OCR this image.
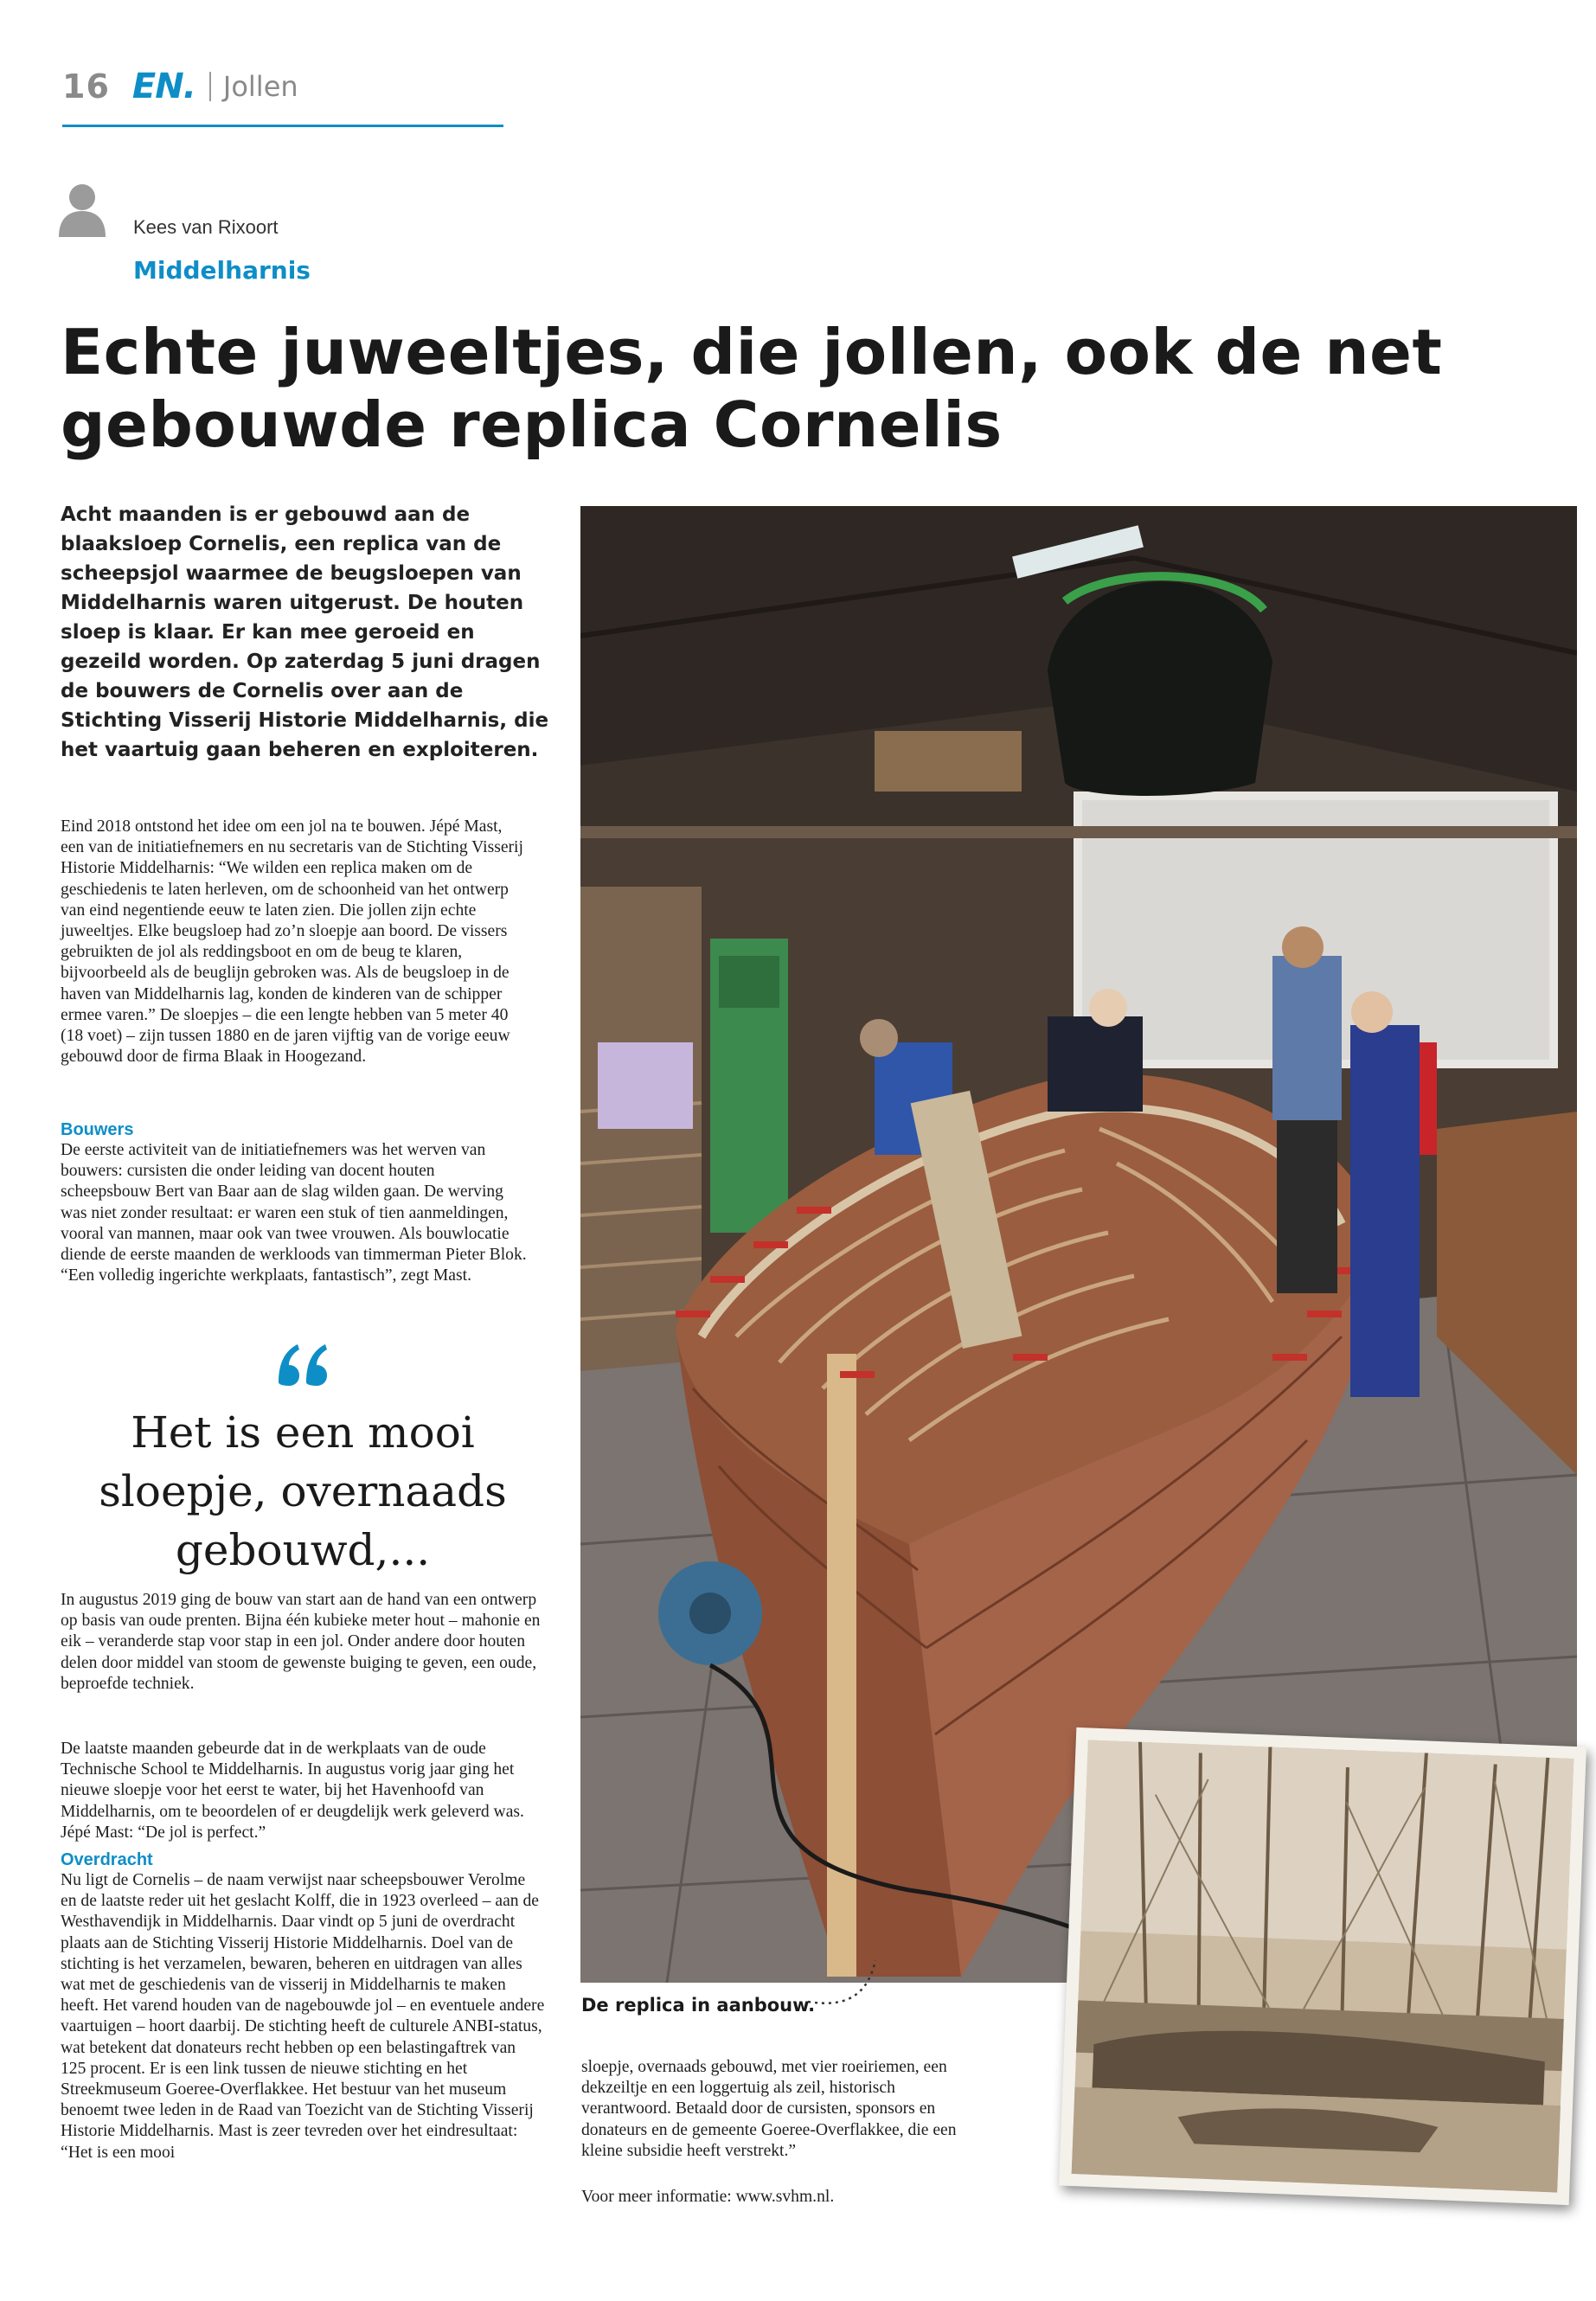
16 EN. Jollen
Kees van Rixoort
Middelharnis
Echte juweeltjes, die jollen, ook de net gebouwde replica Cornelis

Acht maanden is er gebouwd aan de blaaksloep Cornelis, een replica van de scheepsjol waarmee de beugsloepen van Middelharnis waren uitgerust. De houten sloep is klaar. Er kan mee geroeid en gezeild worden. Op zaterdag 5 juni dragen de bouwers de Cornelis over aan de Stichting Visserij Historie Middelharnis, die het vaartuig gaan beheren en exploiteren.

Eind 2018 ontstond het idee om een jol na te bouwen. Jépé Mast, een van de initiatiefnemers en nu secretaris van de Stichting Visserij Historie Middelharnis: “We wilden een replica maken om de geschiedenis te laten herleven, om de schoonheid van het ontwerp van eind negentiende eeuw te laten zien. Die jollen zijn echte juweeltjes. Elke beugsloep had zo’n sloepje aan boord. De vissers gebruikten de jol als reddingsboot en om de beug te klaren, bijvoorbeeld als de beuglijn gebroken was. Als de beugsloep in de haven van Middelharnis lag, konden de kinderen van de schipper ermee varen.” De sloepjes – die een lengte hebben van 5 meter 40 (18 voet) – zijn tussen 1880 en de jaren vijftig van de vorige eeuw gebouwd door de firma Blaak in Hoogezand.

Bouwers

De eerste activiteit van de initiatiefnemers was het werven van bouwers: cursisten die onder leiding van docent houten scheepsbouw Bert van Baar aan de slag wilden gaan. De werving was niet zonder resultaat: er waren een stuk of tien aanmeldingen, vooral van mannen, maar ook van twee vrouwen. Als bouwlocatie diende de eerste maanden de werkloods van timmerman Pieter Blok. “Een volledig ingerichte werkplaats, fantastisch”, zegt Mast.

Het is een mooi sloepje, overnaads gebouwd,...

In augustus 2019 ging de bouw van start aan de hand van een ontwerp op basis van oude prenten. Bijna één kubieke meter hout – mahonie en eik – veranderde stap voor stap in een jol. Onder andere door houten delen door middel van stoom de gewenste buiging te geven, een oude, beproefde techniek.

De laatste maanden gebeurde dat in de werkplaats van de oude Technische School te Middelharnis. In augustus vorig jaar ging het nieuwe sloepje voor het eerst te water, bij het Havenhoofd van Middelharnis, om te beoordelen of er deugdelijk werk geleverd was. Jépé Mast: “De jol is perfect.”

Overdracht

Nu ligt de Cornelis – de naam verwijst naar scheepsbouwer Verolme en de laatste reder uit het geslacht Kolff, die in 1923 overleed – aan de Westhavendijk in Middelharnis. Daar vindt op 5 juni de overdracht plaats aan de Stichting Visserij Historie Middelharnis. Doel van de stichting is het verzamelen, bewaren, beheren en uitdragen van alles wat met de geschiedenis van de visserij in Middelharnis te maken heeft. Het varend houden van de nagebouwde jol – en eventuele andere vaartuigen – hoort daarbij. De stichting heeft de culturele ANBI-status, wat betekent dat donateurs recht hebben op een belastingaftrek van 125 procent. Er is een link tussen de nieuwe stichting en het Streekmuseum Goeree-Overflakkee. Het bestuur van het museum benoemt twee leden in de Raad van Toezicht van de Stichting Visserij Historie Middelharnis. Mast is zeer tevreden over het eindresultaat: “Het is een mooi

De replica in aanbouw.

sloepje, overnaads gebouwd, met vier roeiriemen, een dekzeiltje en een loggertuig als zeil, historisch verantwoord. Betaald door de cursisten, sponsors en donateurs en de gemeente Goeree-Overflakkee, die een kleine subsidie heeft verstrekt.”

Voor meer informatie: www.svhm.nl.
